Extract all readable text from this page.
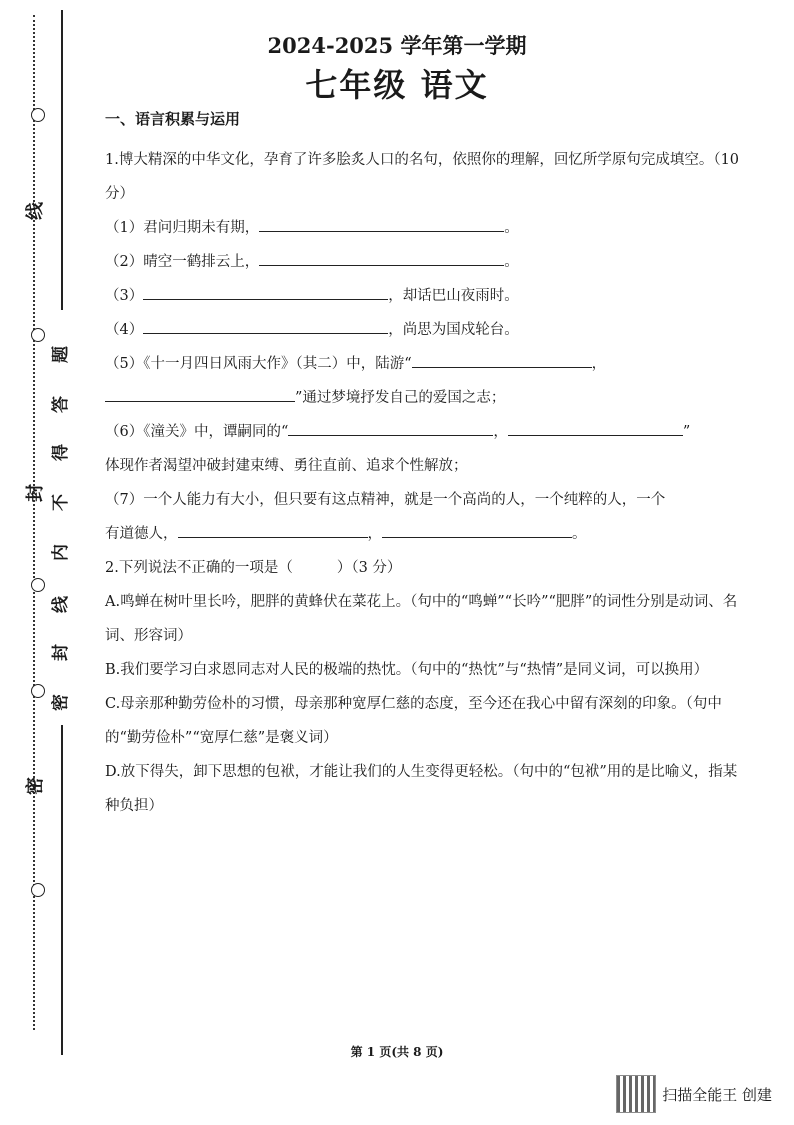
线
封
密
题
答
得
不
内
线
封
密
2024-2025 学年第一学期
七年级 语文
一、语言积累与运用
1.博大精深的中华文化，孕育了许多脍炙人口的名句，依照你的理解，回忆所学原句完成填空。（10 分）
（1）君问归期未有期，	。
（2）晴空一鹤排云上，	。
（3）	，却话巴山夜雨时。
（4）	，尚思为国戍轮台。
（5）《十一月四日风雨大作》（其二）中，陆游“	，
”通过梦境抒发自己的爱国之志；
（6）《潼关》中，谭嗣同的“	，	”
体现作者渴望冲破封建束缚、勇往直前、追求个性解放；
（7）一个人能力有大小，但只要有这点精神，就是一个高尚的人，一个纯粹的人，一个
有道德人，	，	。
2.下列说法不正确的一项是（	）（3 分）
A.鸣蝉在树叶里长吟，肥胖的黄蜂伏在菜花上。（句中的“鸣蝉”“长吟”“肥胖”的词性分别是动词、名词、形容词）
B.我们要学习白求恩同志对人民的极端的热忱。（句中的“热忱”与“热情”是同义词，可以换用）
C.母亲那种勤劳俭朴的习惯，母亲那种宽厚仁慈的态度，至今还在我心中留有深刻的印象。（句中的“勤劳俭朴”“宽厚仁慈”是褒义词）
D.放下得失，卸下思想的包袱，才能让我们的人生变得更轻松。（句中的“包袱”用的是比喻义，指某种负担）
第 1 页(共 8 页)
扫描全能王 创建
